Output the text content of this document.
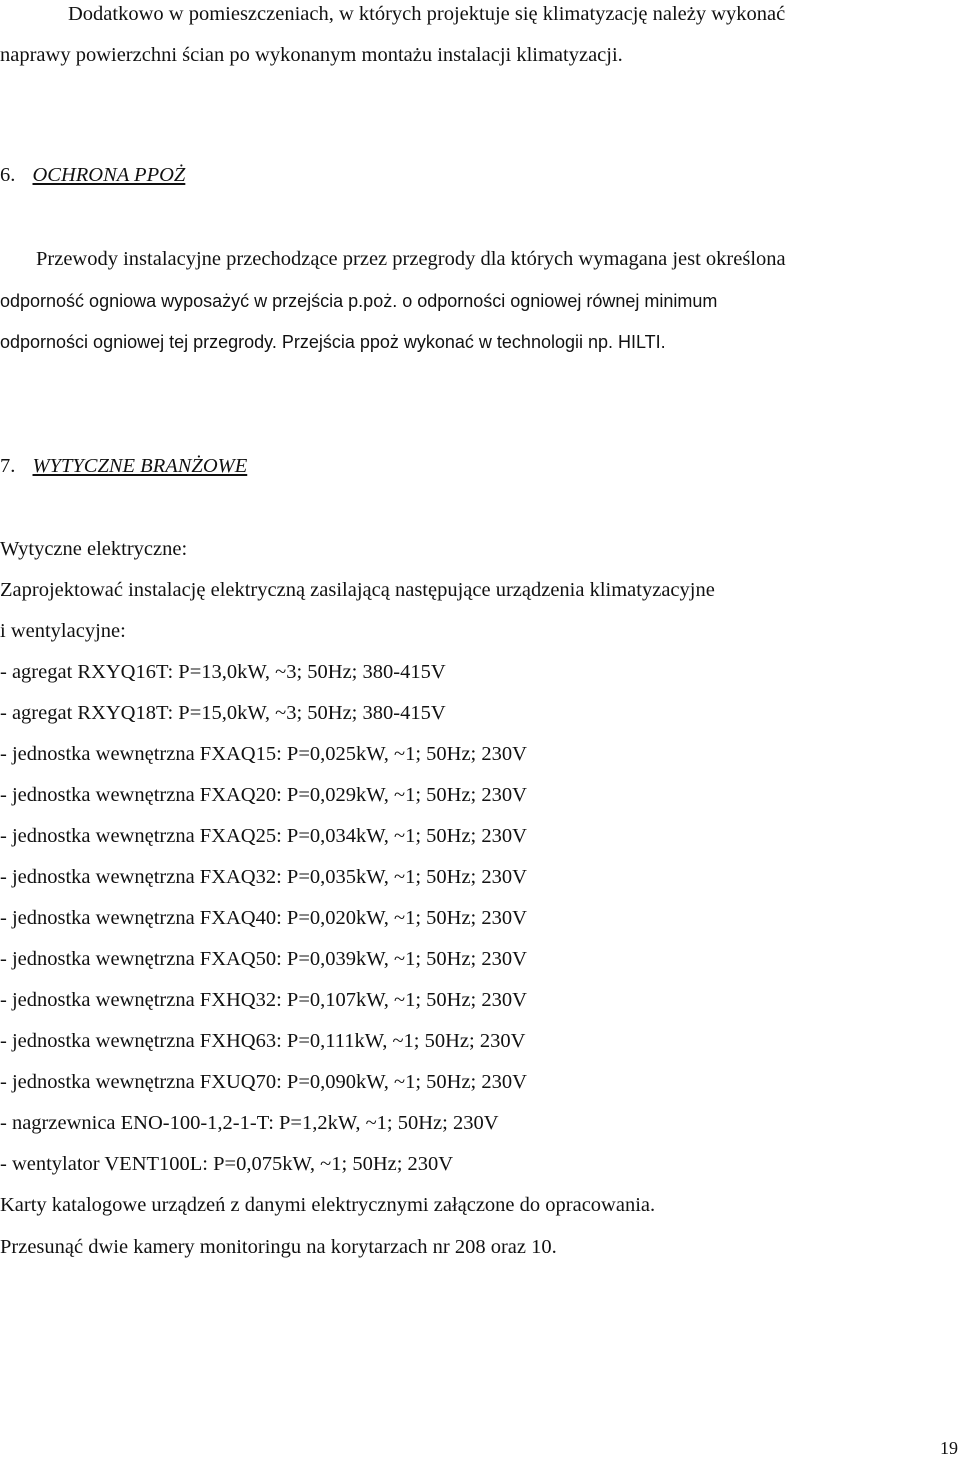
Dodatkowo w pomieszczeniach, w których projektuje się klimatyzację należy wykonać
naprawy powierzchni ścian po wykonanym montażu instalacji klimatyzacji.
6. OCHRONA PPOŻ
Przewody instalacyjne przechodzące przez przegrody dla których wymagana jest określona
odporność ogniowa wyposażyć w przejścia p.poż. o odporności ogniowej równej minimum
odporności ogniowej tej przegrody. Przejścia ppoż wykonać w technologii np. HILTI.
7. WYTYCZNE BRANŻOWE
Wytyczne elektryczne:
Zaprojektować instalację elektryczną zasilającą następujące urządzenia klimatyzacyjne
i wentylacyjne:
- agregat RXYQ16T: P=13,0kW, ~3; 50Hz; 380-415V
- agregat RXYQ18T: P=15,0kW, ~3; 50Hz; 380-415V
- jednostka wewnętrzna FXAQ15: P=0,025kW, ~1; 50Hz; 230V
- jednostka wewnętrzna FXAQ20: P=0,029kW, ~1; 50Hz; 230V
- jednostka wewnętrzna FXAQ25: P=0,034kW, ~1; 50Hz; 230V
- jednostka wewnętrzna FXAQ32: P=0,035kW, ~1; 50Hz; 230V
- jednostka wewnętrzna FXAQ40: P=0,020kW, ~1; 50Hz; 230V
- jednostka wewnętrzna FXAQ50: P=0,039kW, ~1; 50Hz; 230V
- jednostka wewnętrzna FXHQ32: P=0,107kW, ~1; 50Hz; 230V
- jednostka wewnętrzna FXHQ63: P=0,111kW, ~1; 50Hz; 230V
- jednostka wewnętrzna FXUQ70: P=0,090kW, ~1; 50Hz; 230V
- nagrzewnica ENO-100-1,2-1-T: P=1,2kW, ~1; 50Hz; 230V
- wentylator VENT100L: P=0,075kW, ~1; 50Hz; 230V
Karty katalogowe urządzeń z danymi elektrycznymi załączone do opracowania.
Przesunąć dwie kamery monitoringu na korytarzach nr 208 oraz 10.
19
